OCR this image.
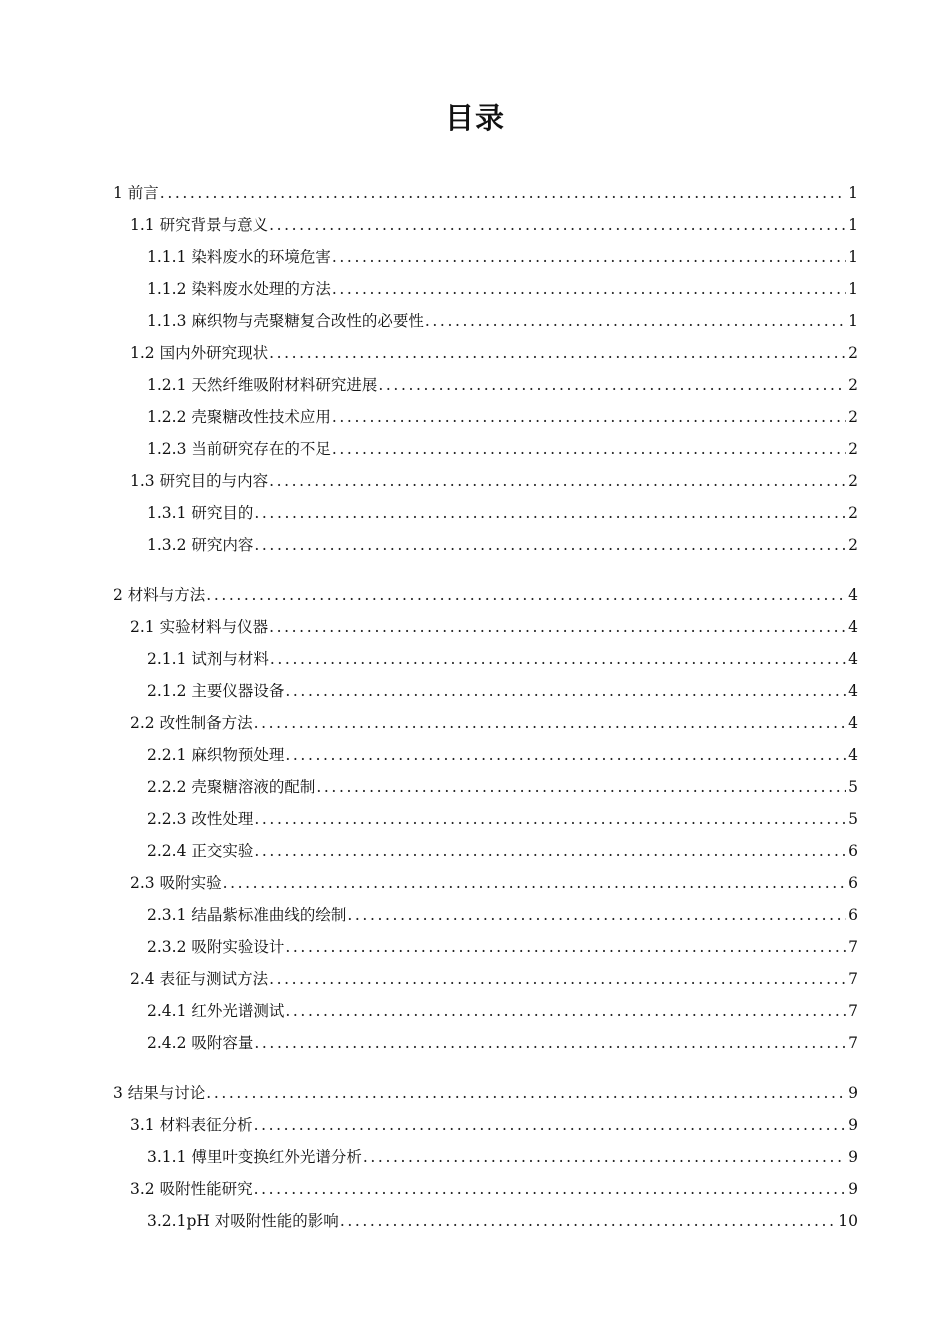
目录
1 前言 .....	1
1.1 研究背景与意义 .....	1
1.1.1 染料废水的环境危害 .....	1
1.1.2 染料废水处理的方法 .....	1
1.1.3 麻织物与壳聚糖复合改性的必要性 .....	1
1.2 国内外研究现状 .....	2
1.2.1 天然纤维吸附材料研究进展 .....	2
1.2.2 壳聚糖改性技术应用 .....	2
1.2.3 当前研究存在的不足 .....	2
1.3 研究目的与内容 .....	2
1.3.1 研究目的 .....	2
1.3.2 研究内容 .....	2
2 材料与方法 .....	4
2.1 实验材料与仪器 .....	4
2.1.1 试剂与材料 .....	4
2.1.2 主要仪器设备 .....	4
2.2 改性制备方法 .....	4
2.2.1 麻织物预处理 .....	4
2.2.2 壳聚糖溶液的配制 .....	5
2.2.3 改性处理 .....	5
2.2.4 正交实验 .....	6
2.3 吸附实验 .....	6
2.3.1 结晶紫标准曲线的绘制 .....	6
2.3.2 吸附实验设计 .....	7
2.4 表征与测试方法 .....	7
2.4.1 红外光谱测试 .....	7
2.4.2 吸附容量 .....	7
3 结果与讨论 .....	9
3.1 材料表征分析 .....	9
3.1.1 傅里叶变换红外光谱分析 .....	9
3.2 吸附性能研究 .....	9
3.2.1pH 对吸附性能的影响 .....	10
